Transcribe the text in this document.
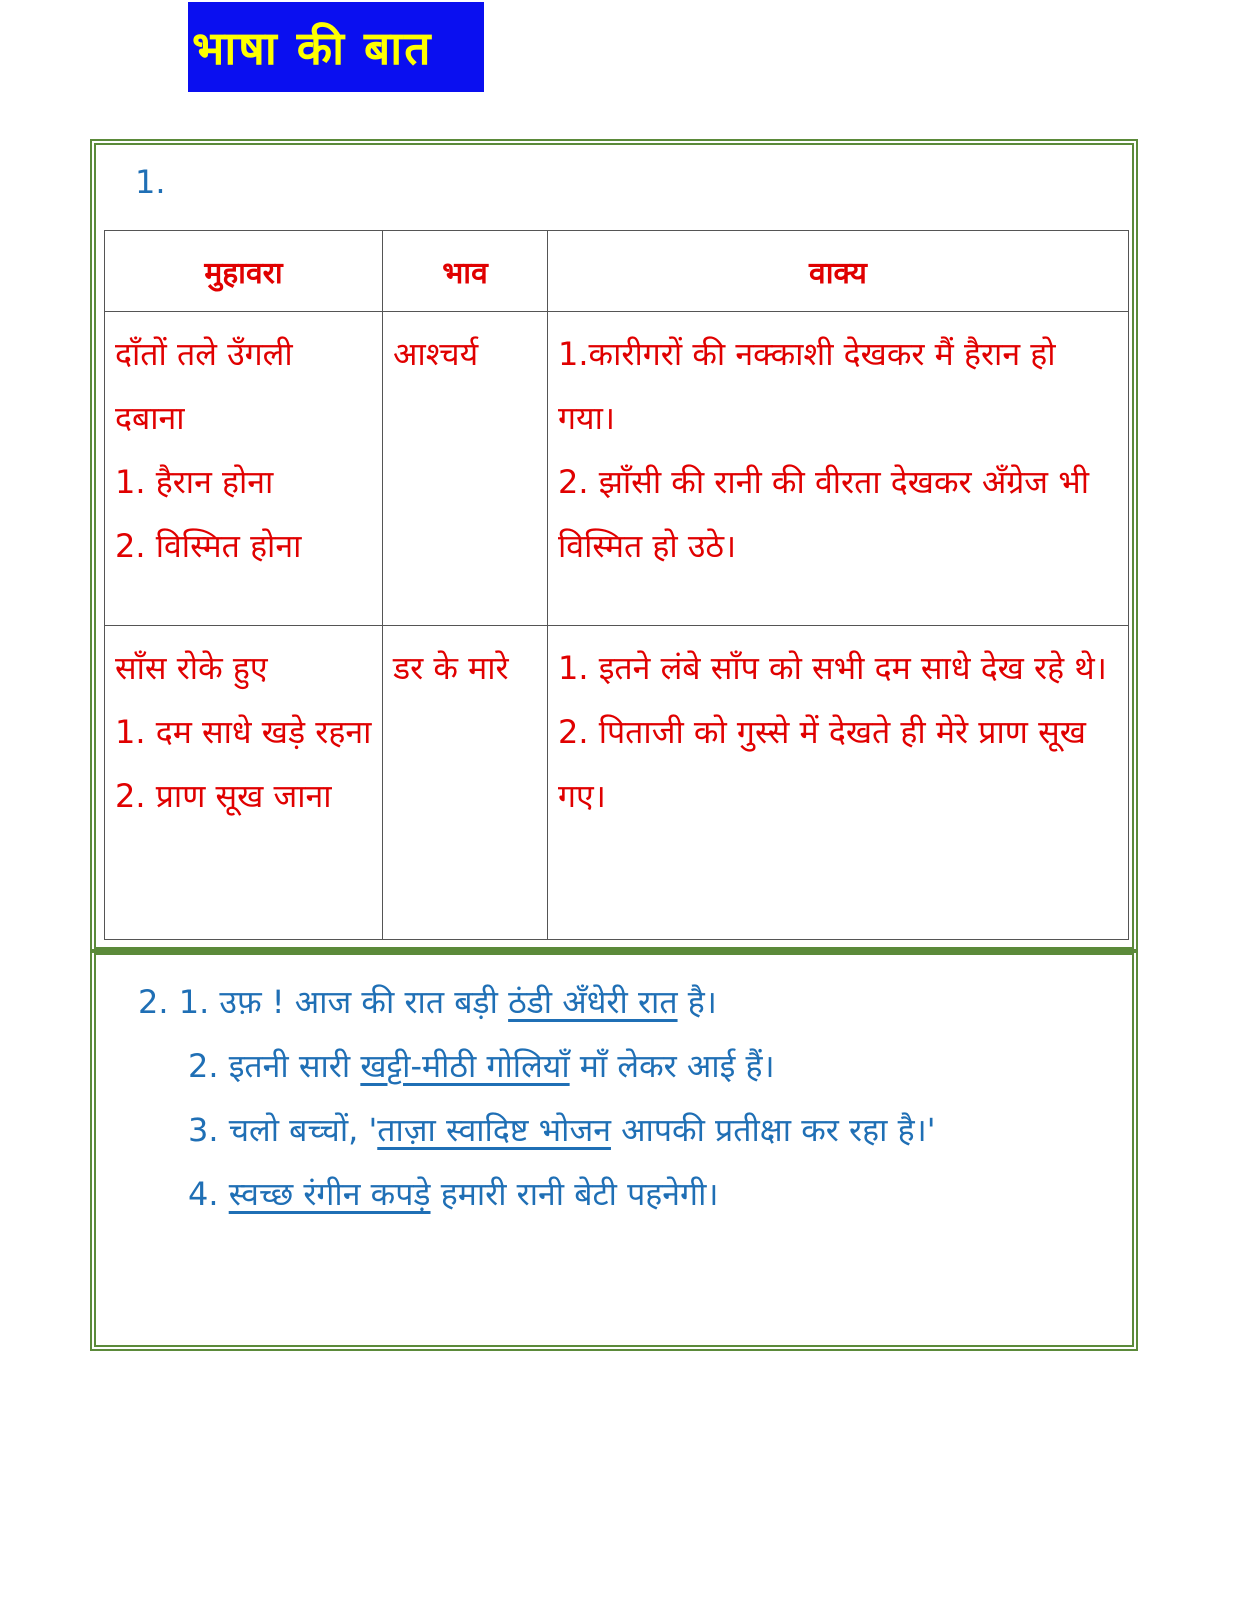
भाषा की बात
1.
मुहावरा	भाव	वाक्य

दाँतों तले उँगली दबाना
1. हैरान होना
2. विस्मित होना	आश्चर्य	1.कारीगरों की नक्काशी देखकर मैं हैरान हो गया।
2. झाँसी की रानी की वीरता देखकर अँग्रेज भी विस्मित हो उठे।

साँस रोके हुए
1. दम साधे खड़े रहना
2. प्राण सूख जाना	डर के मारे	1. इतने लंबे साँप को सभी दम साधे देख रहे थे।
2. पिताजी को गुस्से में देखते ही मेरे प्राण सूख गए।
2. 1. उफ़ ! आज की रात बड़ी ठंडी अँधेरी रात है।
2. इतनी सारी खट्टी-मीठी गोलियाँ माँ लेकर आई हैं।
3. चलो बच्चों, 'ताज़ा स्वादिष्ट भोजन आपकी प्रतीक्षा कर रहा है।'
4. स्वच्छ रंगीन कपड़े हमारी रानी बेटी पहनेगी।
